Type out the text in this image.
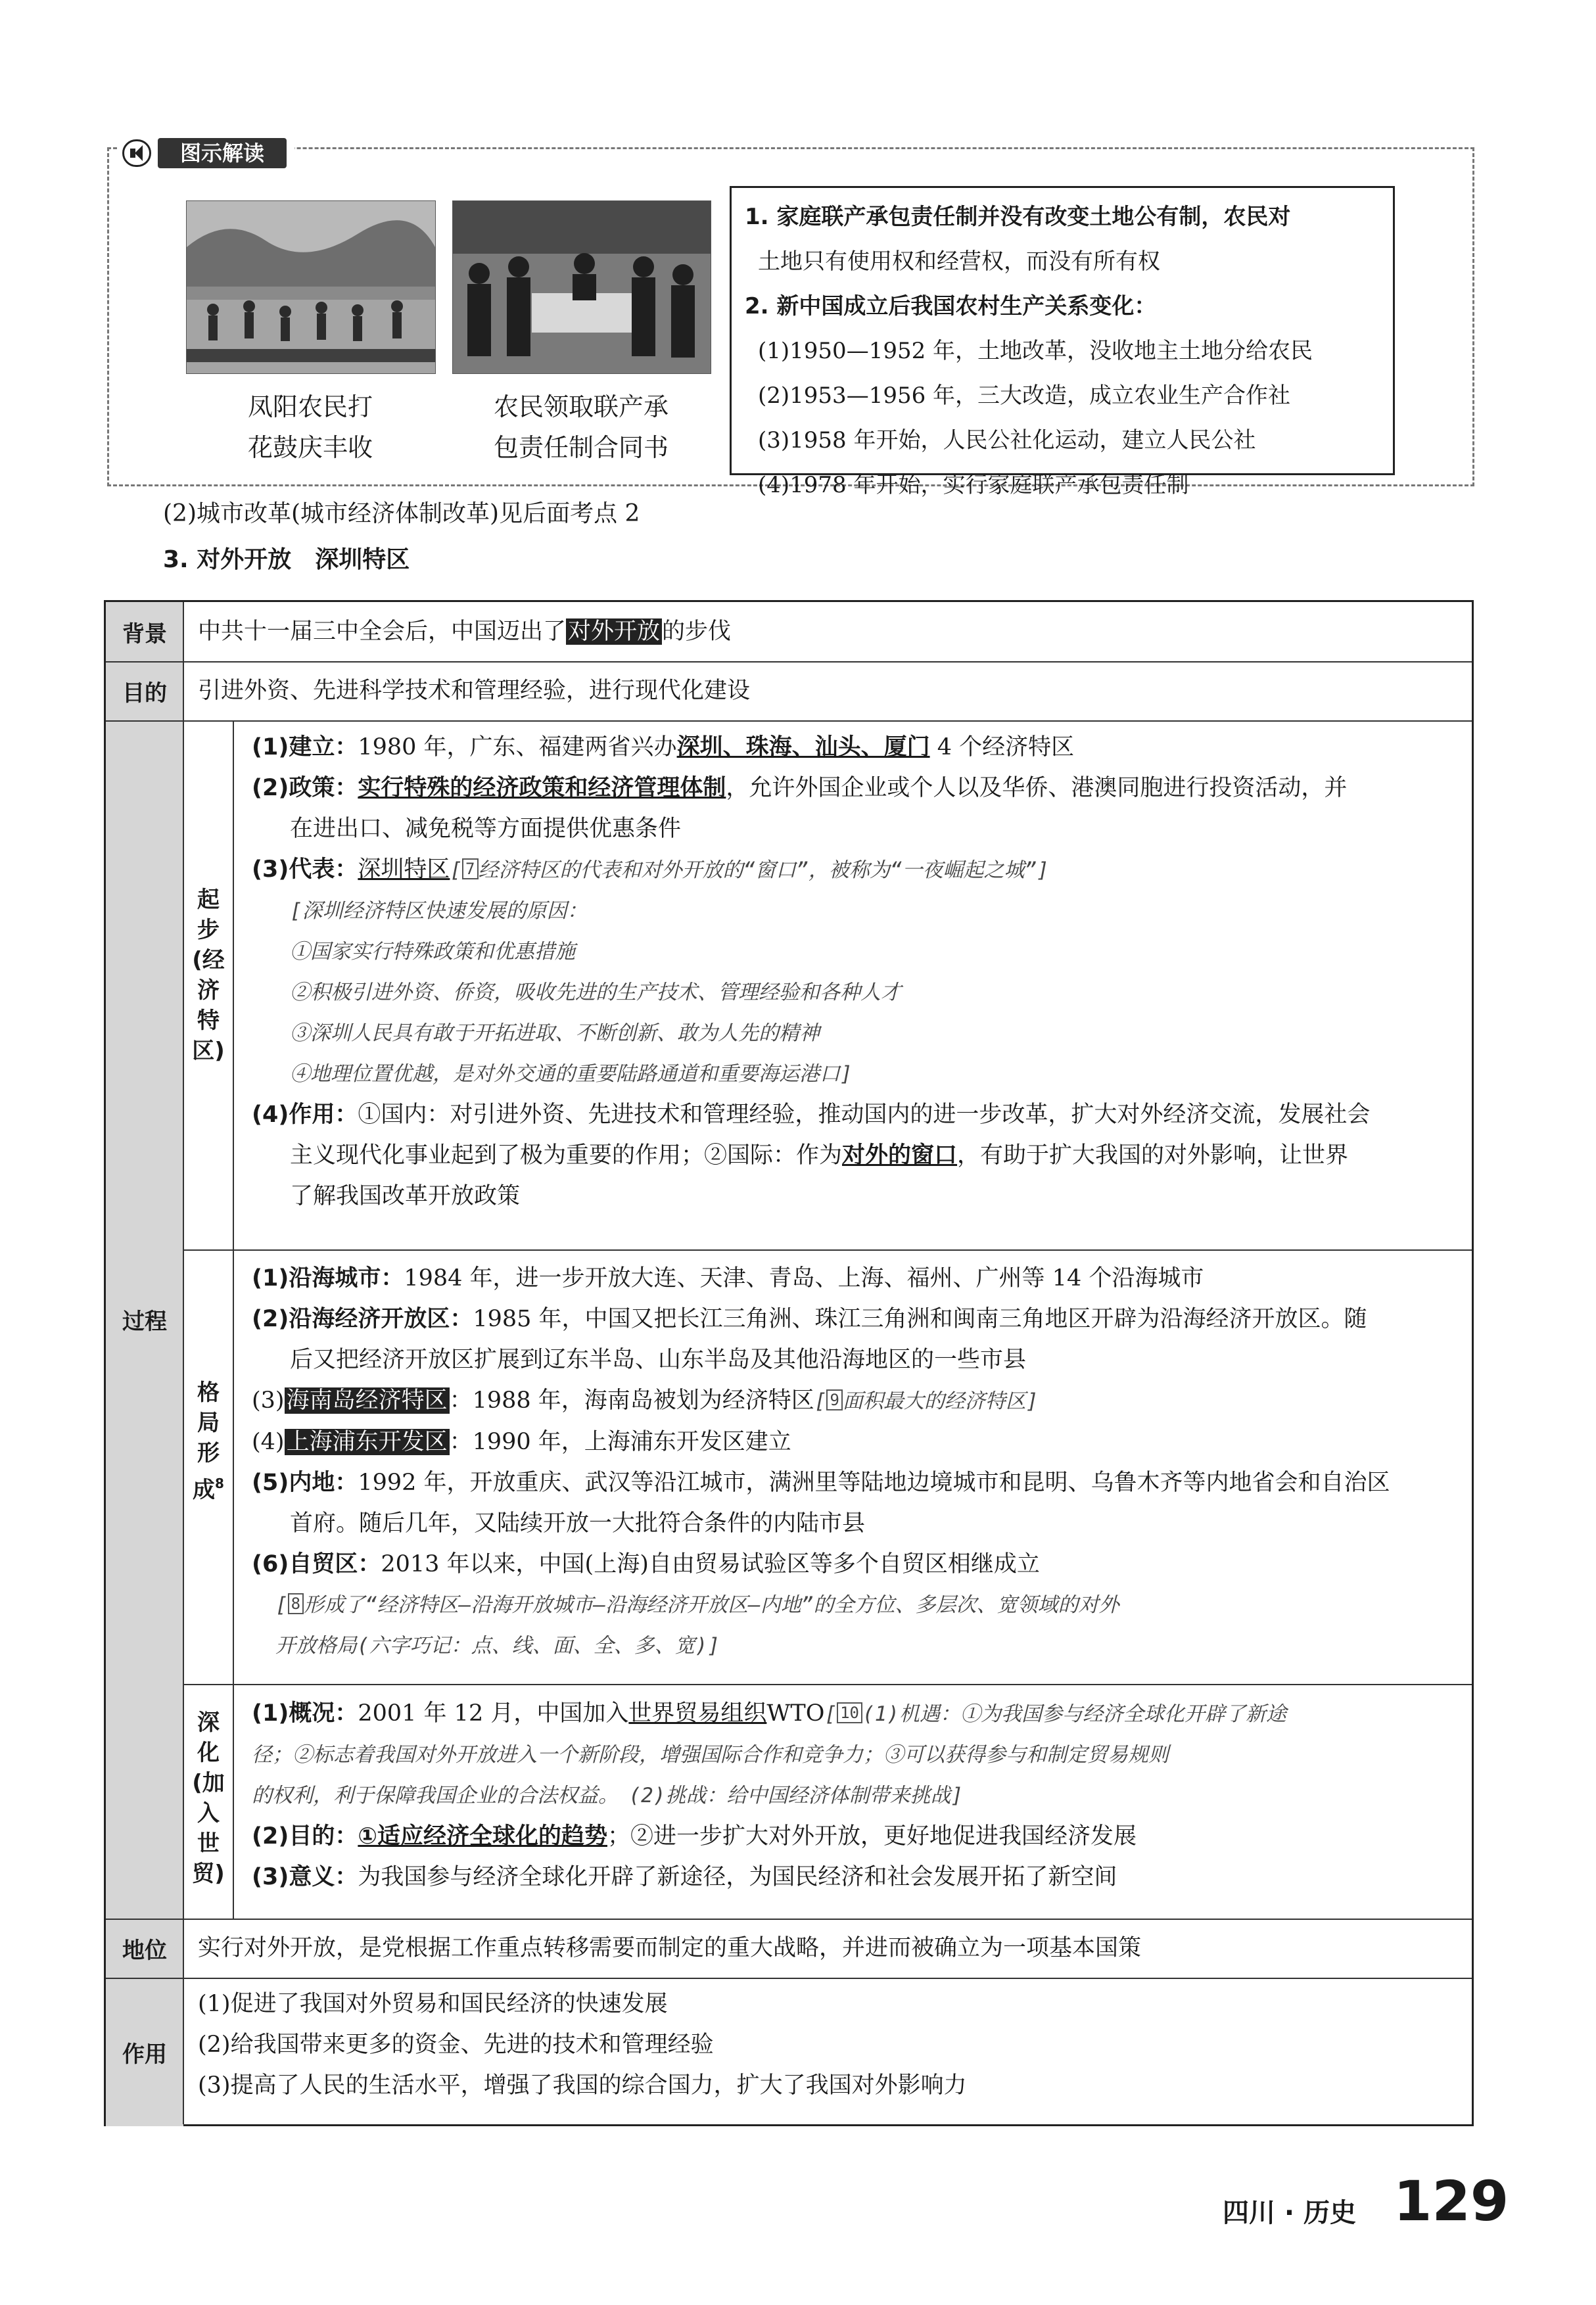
图示解读
凤阳农民打
花鼓庆丰收
农民领取联产承
包责任制合同书
1. 家庭联产承包责任制并没有改变土地公有制，农民对
土地只有使用权和经营权，而没有所有权
2. 新中国成立后我国农村生产关系变化：
(1)1950—1952 年，土地改革，没收地主土地分给农民
(2)1953—1956 年，三大改造，成立农业生产合作社
(3)1958 年开始，人民公社化运动，建立人民公社
(4)1978 年开始，实行家庭联产承包责任制
(2)城市改革(城市经济体制改革)见后面考点 2
3. 对外开放　深圳特区
背景
目的
过程
地位
作用
中共十一届三中全会后，中国迈出了对外开放的步伐
引进外资、先进科学技术和管理经验，进行现代化建设
起步(经济特区)

(1)建立：1980 年，广东、福建两省兴办深圳、珠海、汕头、厦门 4 个经济特区

(2)政策：实行特殊的经济政策和经济管理体制，允许外国企业或个人以及华侨、港澳同胞进行投资活动，并
在进出口、减免税等方面提供优惠条件

(3)代表：深圳特区[ 7 经济特区的代表和对外开放的“窗口”，被称为“一夜崛起之城”]

[深圳经济特区快速发展的原因：

①国家实行特殊政策和优惠措施

②积极引进外资、侨资，吸收先进的生产技术、管理经验和各种人才

③深圳人民具有敢于开拓进取、不断创新、敢为人先的精神

④地理位置优越，是对外交通的重要陆路通道和重要海运港口]

(4)作用：①国内：对引进外资、先进技术和管理经验，推动国内的进一步改革，扩大对外经济交流，发展社会
主义现代化事业起到了极为重要的作用；②国际：作为对外的窗口，有助于扩大我国的对外影响，让世界
了解我国改革开放政策

格局形成$^8$

(1)沿海城市：1984 年，进一步开放大连、天津、青岛、上海、福州、广州等 14 个沿海城市

(2)沿海经济开放区：1985 年，中国又把长江三角洲、珠江三角洲和闽南三角地区开辟为沿海经济开放区。随
后又把经济开放区扩展到辽东半岛、山东半岛及其他沿海地区的一些市县

(3)海南岛经济特区：1988 年，海南岛被划为经济特区[ 9 面积最大的经济特区]

(4)上海浦东开发区：1990 年，上海浦东开发区建立

(5)内地：1992 年，开放重庆、武汉等沿江城市，满洲里等陆地边境城市和昆明、乌鲁木齐等内地省会和自治区
首府。随后几年，又陆续开放一大批符合条件的内陆市县

(6)自贸区：2013 年以来，中国(上海)自由贸易试验区等多个自贸区相继成立

[ 8 形成了“经济特区—沿海开放城市—沿海经济开放区—内地”的全方位、多层次、宽领域的对外
开放格局(六字巧记：点、线、面、全、多、宽)]

深化(加入世贸)

(1)概况：2001 年 12 月，中国加入世界贸易组织WTO[ 10 (1)机遇：①为我国参与经济全球化开辟了新途

径；②标志着我国对外开放进入一个新阶段，增强国际合作和竞争力；③可以获得参与和制定贸易规则

的权利，利于保障我国企业的合法权益。　(2)挑战：给中国经济体制带来挑战]

(2)目的：①适应经济全球化的趋势；②进一步扩大对外开放，更好地促进我国经济发展

(3)意义：为我国参与经济全球化开辟了新途径，为国民经济和社会发展开拓了新空间

实行对外开放，是党根据工作重点转移需要而制定的重大战略，并进而被确立为一项基本国策

(1)促进了我国对外贸易和国民经济的快速发展

(2)给我国带来更多的资金、先进的技术和管理经验

(3)提高了人民的生活水平，增强了我国的综合国力，扩大了我国对外影响力

四川 · 历史 129
